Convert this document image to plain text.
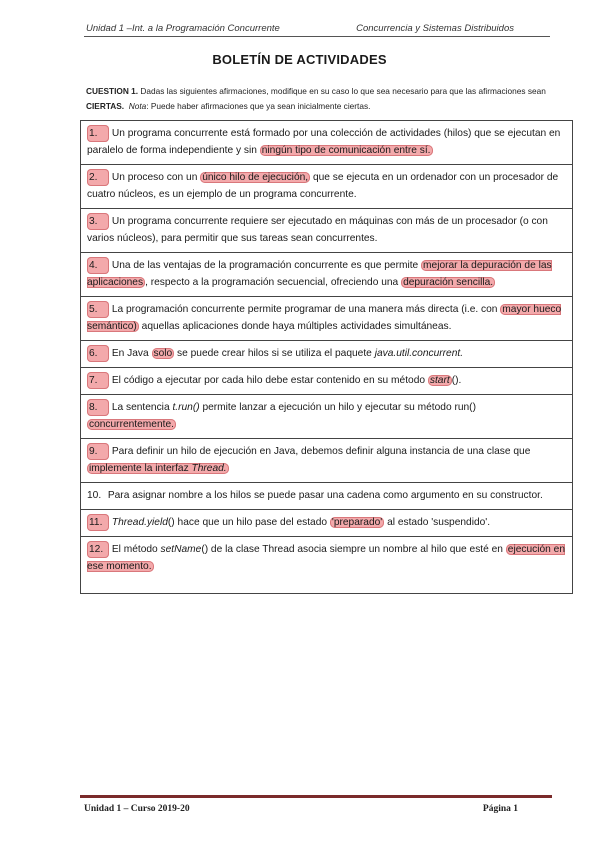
Unidad 1 –Int. a la Programación Concurrente	Concurrencia y Sistemas Distribuidos
BOLETÍN DE ACTIVIDADES
CUESTION 1. Dadas las siguientes afirmaciones, modifique en su caso lo que sea necesario para que las afirmaciones sean CIERTAS. Nota: Puede haber afirmaciones que ya sean inicialmente ciertas.
1. Un programa concurrente está formado por una colección de actividades (hilos) que se ejecutan en paralelo de forma independiente y sin ningún tipo de comunicación entre sí.
2. Un proceso con un único hilo de ejecución, que se ejecuta en un ordenador con un procesador de cuatro núcleos, es un ejemplo de un programa concurrente.
3. Un programa concurrente requiere ser ejecutado en máquinas con más de un procesador (o con varios núcleos), para permitir que sus tareas sean concurrentes.
4. Una de las ventajas de la programación concurrente es que permite mejorar la depuración de las aplicaciones , respecto a la programación secuencial, ofreciendo una depuración sencilla.
5. La programación concurrente permite programar de una manera más directa (i.e. con mayor hueco semántico) aquellas aplicaciones donde haya múltiples actividades simultáneas.
6. En Java solo se puede crear hilos si se utiliza el paquete java.util.concurrent.
7. El código a ejecutar por cada hilo debe estar contenido en su método start ().
8. La sentencia t.run() permite lanzar a ejecución un hilo y ejecutar su método run() concurrentemente.
9. Para definir un hilo de ejecución en Java, debemos definir alguna instancia de una clase que implemente la interfaz Thread.
10. Para asignar nombre a los hilos se puede pasar una cadena como argumento en su constructor.
11. Thread.yield() hace que un hilo pase del estado 'preparado' al estado 'suspendido'.
12. El método setName() de la clase Thread asocia siempre un nombre al hilo que esté en ejecución en ese momento.
Unidad 1 – Curso 2019-20	Página 1
